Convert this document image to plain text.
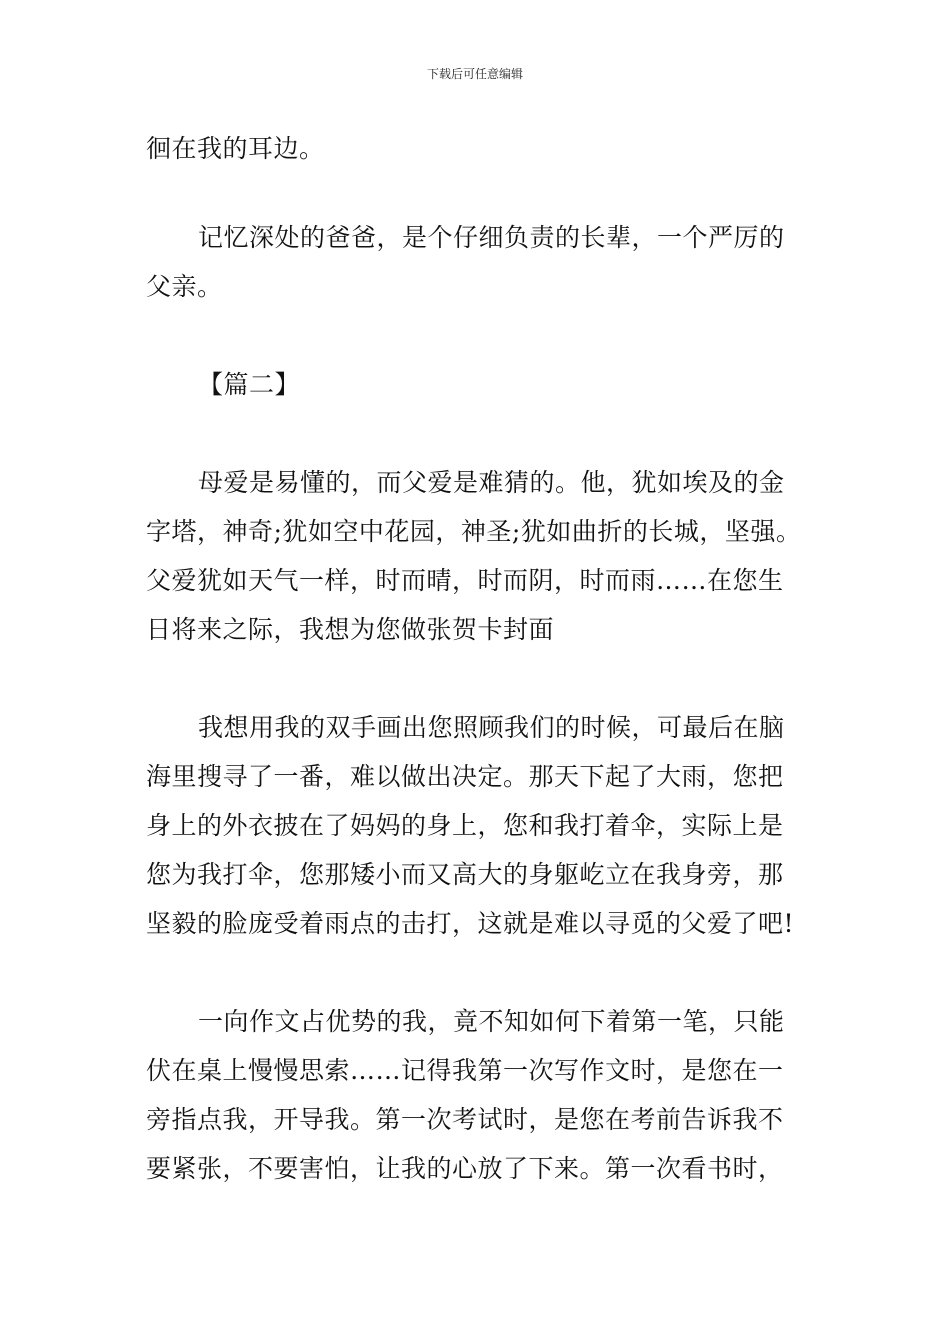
下载后可任意编辑
徊在我的耳边。
记忆深处的爸爸，是个仔细负责的长辈，一个严厉的
父亲。
【篇二】
母爱是易懂的，而父爱是难猜的。他，犹如埃及的金
字塔，神奇;犹如空中花园，神圣;犹如曲折的长城，坚强。
父爱犹如天气一样，时而晴，时而阴，时而雨……在您生
日将来之际，我想为您做张贺卡封面
我想用我的双手画出您照顾我们的时候，可最后在脑
海里搜寻了一番，难以做出决定。那天下起了大雨，您把
身上的外衣披在了妈妈的身上，您和我打着伞，实际上是
您为我打伞，您那矮小而又高大的身躯屹立在我身旁，那
坚毅的脸庞受着雨点的击打，这就是难以寻觅的父爱了吧!
一向作文占优势的我，竟不知如何下着第一笔，只能
伏在桌上慢慢思索……记得我第一次写作文时，是您在一
旁指点我，开导我。第一次考试时，是您在考前告诉我不
要紧张，不要害怕，让我的心放了下来。第一次看书时，
